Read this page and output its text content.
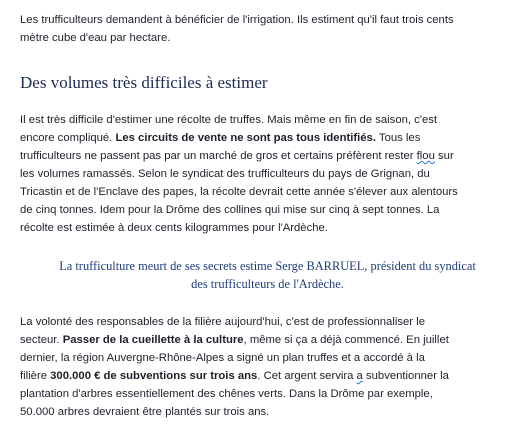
Les trufficulteurs demandent à bénéficier de l'irrigation. Ils estiment qu'il faut trois cents
mètre cube d'eau par hectare.

Des volumes très difficiles à estimer

Il est très difficile d'estimer une récolte de truffes. Mais même en fin de saison, c'est
encore compliqué. Les circuits de vente ne sont pas tous identifiés. Tous les
trufficulteurs ne passent pas par un marché de gros et certains préfèrent rester flou sur
les volumes ramassés. Selon le syndicat des trufficulteurs du pays de Grignan, du
Tricastin et de l'Enclave des papes, la récolte devrait cette année s'élever aux alentours
de cinq tonnes. Idem pour la Drôme des collines qui mise sur cinq à sept tonnes. La
récolte est estimée à deux cents kilogrammes pour l'Ardèche.

La trufficulture meurt de ses secrets estime Serge BARRUEL, président du syndicat
des trufficulteurs de l'Ardèche.

La volonté des responsables de la filière aujourd'hui, c'est de professionnaliser le
secteur. Passer de la cueillette à la culture, même si ça a déjà commencé. En juillet
dernier, la région Auvergne-Rhône-Alpes a signé un plan truffes et a accordé à la
filière 300.000 € de subventions sur trois ans. Cet argent servira a subventionner la
plantation d'arbres essentiellement des chênes verts. Dans la Drôme par exemple,
50.000 arbres devraient être plantés sur trois ans.
